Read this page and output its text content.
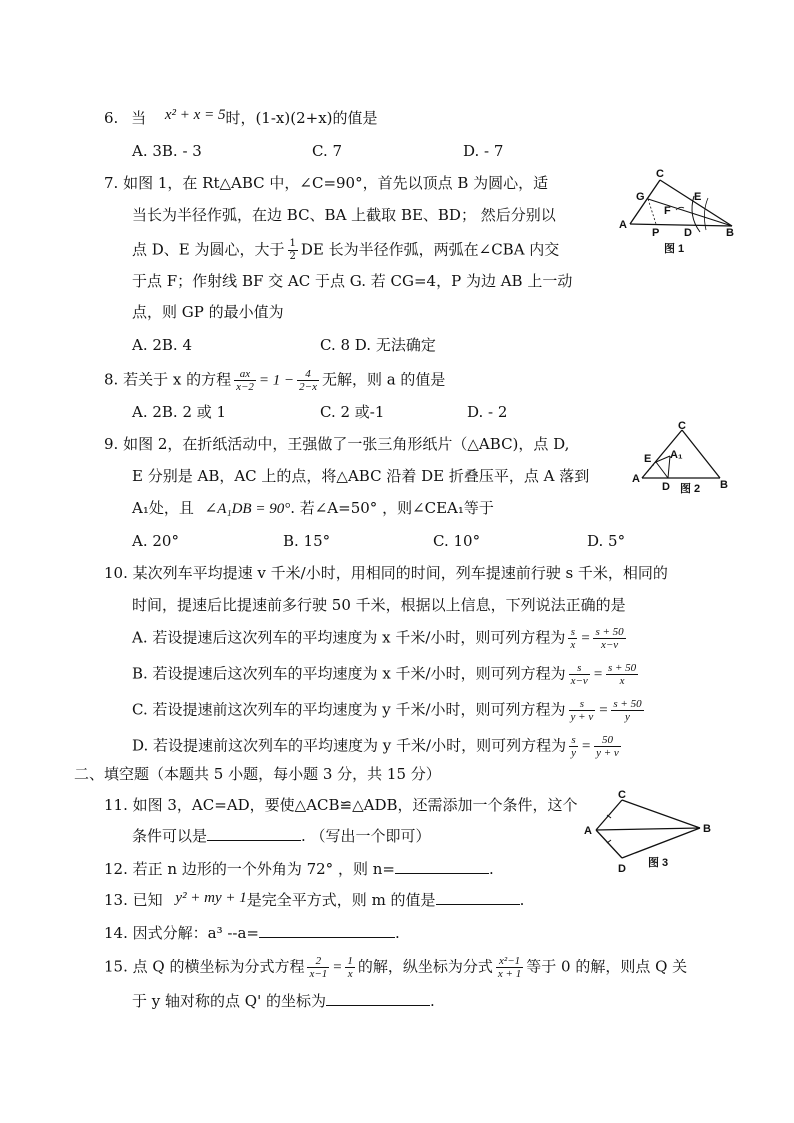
6. 当 x² + x = 5时，(1-x)(2+x)的值是
A. 3B. - 3	C. 7	D. - 7
7. 如图 1，在 Rt△ABC 中，∠C=90°，首先以顶点 B 为圆心，适
当长为半径作弧，在边 BC、BA 上截取 BE、BD； 然后分别以
点 D、E 为圆心，大于 $\frac{1}{2}$ DE 长为半径作弧，两弧在∠CBA 内交
于点 F；作射线 BF 交 AC 于点 G. 若 CG=4，P 为边 AB 上一动
点，则 GP 的最小值为
A. 2B. 4	C. 8 D. 无法确定
C
G	E
F
A
P D	B
图 1
8. 若关于 x 的方程 $\frac{ax}{x-2} = 1 - \frac{4}{2-x}$ 无解，则 a 的值是
A. 2B. 2 或 1	C. 2 或-1	D. - 2
9. 如图 2，在折纸活动中，王强做了一张三角形纸片（△ABC)，点 D,
E 分别是 AB，AC 上的点，将△ABC 沿着 DE 折叠压平，点 A 落到
A₁处，且 ∠A₁DB = 90°. 若∠A=50° ，则∠CEA₁等于
A. 20°	B. 15°	C. 10°	D. 5°
C
E A₁
A
D	B
图 2
10. 某次列车平均提速 v 千米/小时，用相同的时间，列车提速前行驶 s 千米，相同的
时间，提速后比提速前多行驶 50 千米，根据以上信息，下列说法正确的是
A. 若设提速后这次列车的平均速度为 x 千米/小时，则可列方程为 $\frac{s}{x} = \frac{s + 50}{x-v}$
B. 若设提速后这次列车的平均速度为 x 千米/小时，则可列方程为 $\frac{s}{x-v} = \frac{s + 50}{x}$
C. 若设提速前这次列车的平均速度为 y 千米/小时，则可列方程为 $\frac{s}{y + v} = \frac{s + 50}{y}$
D. 若设提速前这次列车的平均速度为 y 千米/小时，则可列方程为 $\frac{s}{y} = \frac{50}{y + v}$
二、填空题（本题共 5 小题，每小题 3 分，共 15 分）
11. 如图 3，AC=AD，要使△ACB≌△ADB，还需添加一个条件，这个
条件可以是	. （写出一个即可）
C
A	B
D 图 3
12. 若正 n 边形的一个外角为 72° ，则 n=	.
13. 已知 y² + my + 1是完全平方式，则 m 的值是	.
14. 因式分解：a³ --a=	.
15. 点 Q 的横坐标为分式方程 $\frac{2}{x-1} = \frac{1}{x}$ 的解，纵坐标为分式 $\frac{\text{x²−1}}{x + 1}$ 等于 0 的解，则点 Q 关
于 y 轴对称的点 Q' 的坐标为	.
